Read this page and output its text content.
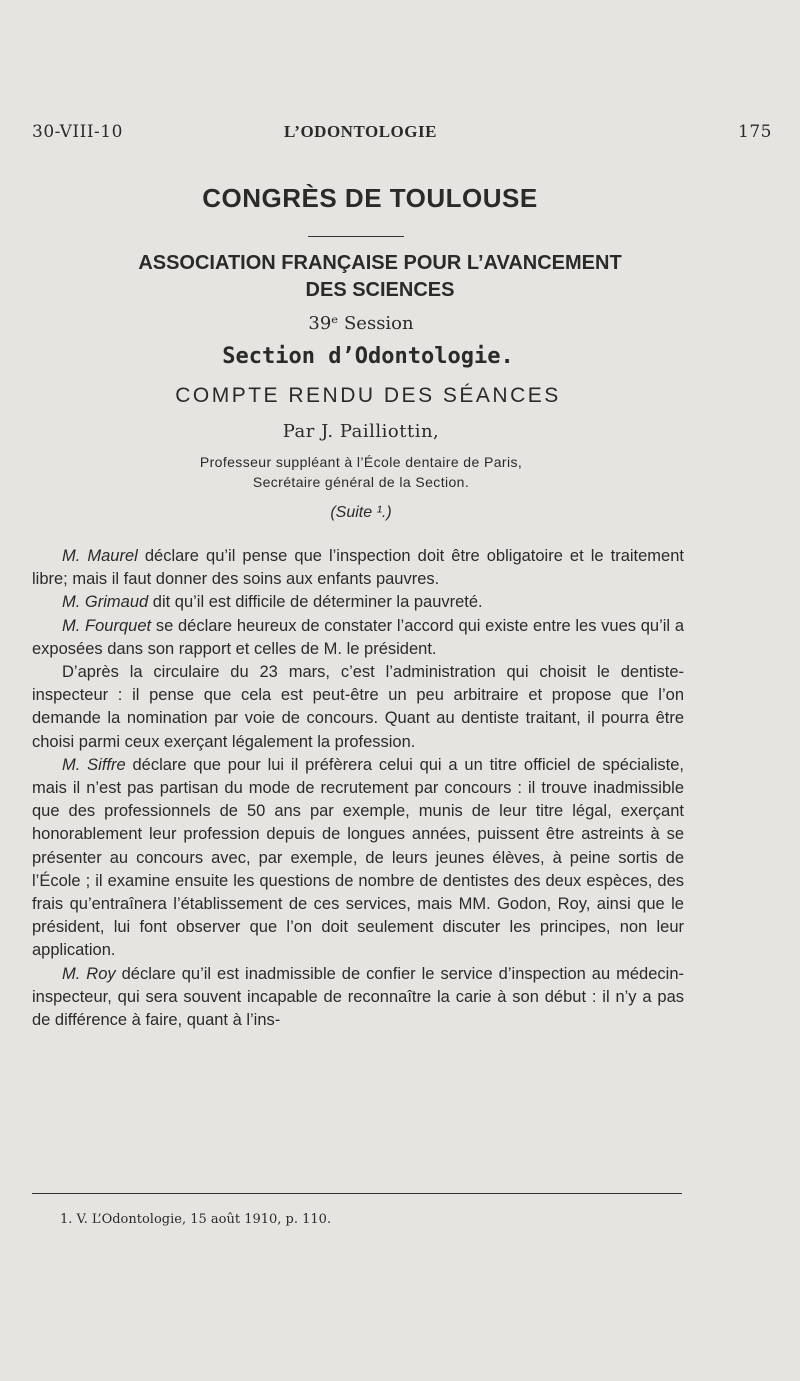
30-VIII-10	L’ODONTOLOGIE	175
CONGRÈS DE TOULOUSE
ASSOCIATION FRANÇAISE POUR L’AVANCEMENT
DES SCIENCES
39ᵉ Session
Section d’Odontologie.
COMPTE RENDU DES SÉANCES
Par J. Pailliottin,
Professeur suppléant à l’École dentaire de Paris,
Secrétaire général de la Section.
(Suite ¹.)

M. Maurel déclare qu’il pense que l’inspection doit être obligatoire et le traitement libre; mais il faut donner des soins aux enfants pauvres.

M. Grimaud dit qu’il est difficile de déterminer la pauvreté.

M. Fourquet se déclare heureux de constater l’accord qui existe entre les vues qu’il a exposées dans son rapport et celles de M. le président.

D’après la circulaire du 23 mars, c’est l’administration qui choisit le dentiste-inspecteur : il pense que cela est peut-être un peu arbitraire et propose que l’on demande la nomination par voie de concours. Quant au dentiste traitant, il pourra être choisi parmi ceux exerçant légalement la profession.

M. Siffre déclare que pour lui il préfèrera celui qui a un titre officiel de spécialiste, mais il n’est pas partisan du mode de recrutement par concours : il trouve inadmissible que des professionnels de 50 ans par exemple, munis de leur titre légal, exerçant honorablement leur profession depuis de longues années, puissent être astreints à se présenter au concours avec, par exemple, de leurs jeunes élèves, à peine sortis de l’École ; il examine ensuite les questions de nombre de dentistes des deux espèces, des frais qu’entraînera l’établissement de ces services, mais MM. Godon, Roy, ainsi que le président, lui font observer que l’on doit seulement discuter les principes, non leur application.

M. Roy déclare qu’il est inadmissible de confier le service d’inspection au médecin-inspecteur, qui sera souvent incapable de reconnaître la carie à son début : il n’y a pas de différence à faire, quant à l’ins-

1. V. L’Odontologie, 15 août 1910, p. 110.
